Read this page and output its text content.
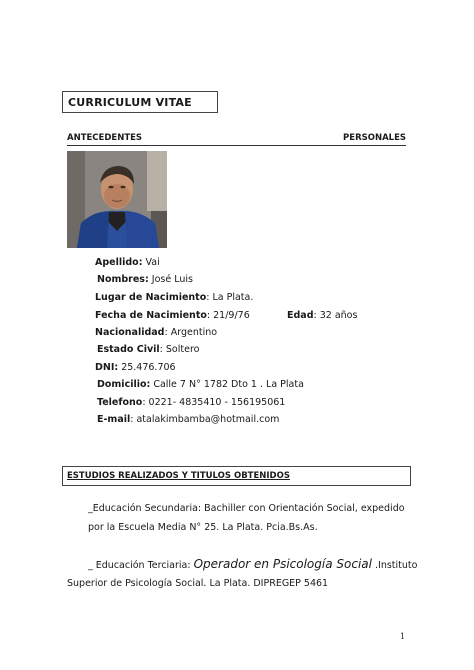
CURRICULUM VITAE
ANTECEDENTES	PERSONALES
Apellido: Vai
Nombres: José Luis
Lugar de Nacimiento: La Plata.
Fecha de Nacimiento: 21/9/76	Edad: 32 años
Nacionalidad: Argentino
Estado Civil: Soltero
DNI: 25.476.706
Domicilio: Calle 7 N° 1782 Dto 1 . La Plata
Telefono: 0221- 4835410 - 156195061
E-mail: atalakimbamba@hotmail.com
ESTUDIOS REALIZADOS Y TITULOS OBTENIDOS
_Educación Secundaria: Bachiller con Orientación Social, expedido
por la Escuela Media N° 25. La Plata. Pcia.Bs.As.
_ Educación Terciaria: Operador en Psicología Social .Instituto
Superior de Psicología Social. La Plata. DIPREGEP 5461
1
